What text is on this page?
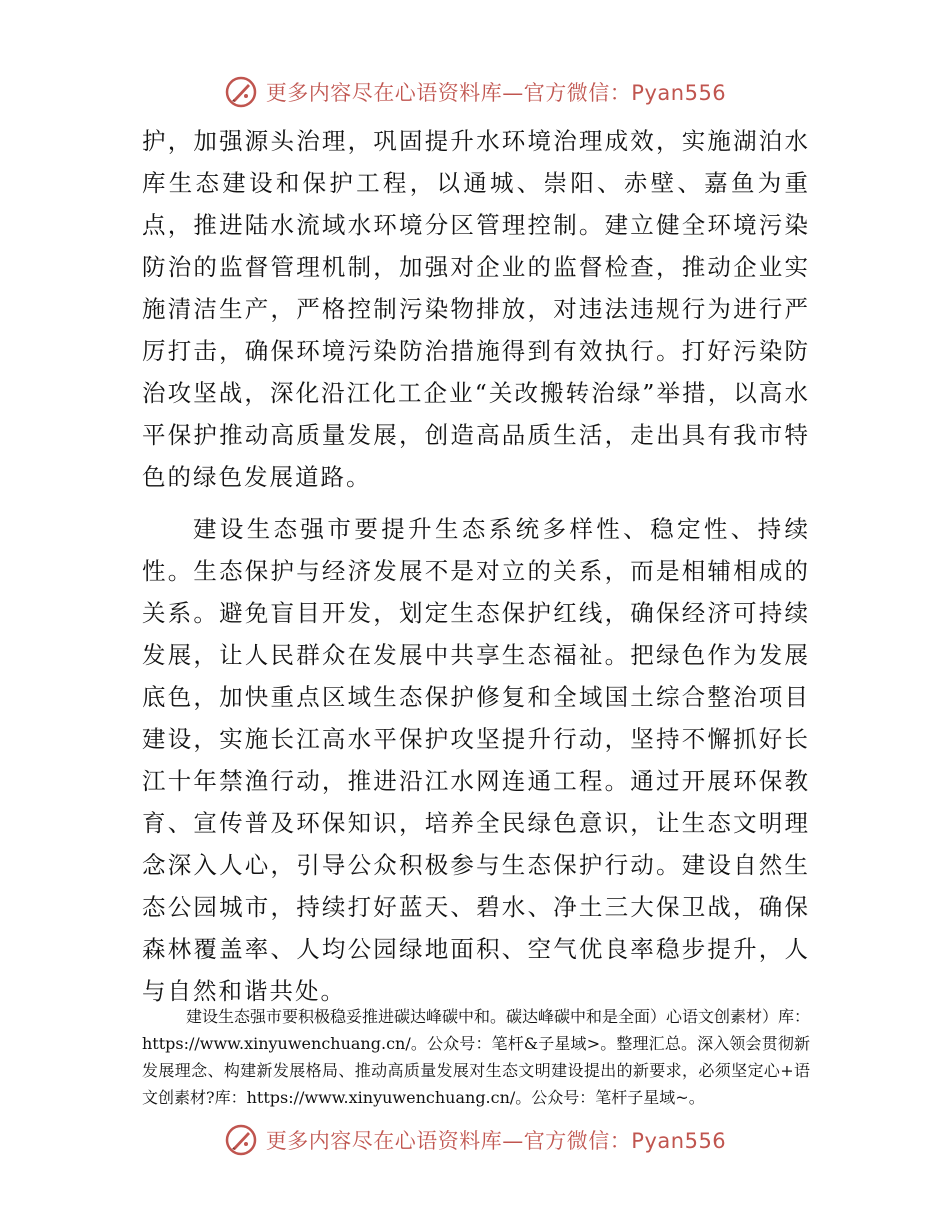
更多内容尽在心语资料库—官方微信：Pyan556

护，加强源头治理，巩固提升水环境治理成效，实施湖泊水库生态建设和保护工程，以通城、崇阳、赤壁、嘉鱼为重点，推进陆水流域水环境分区管理控制。建立健全环境污染防治的监督管理机制，加强对企业的监督检查，推动企业实施清洁生产，严格控制污染物排放，对违法违规行为进行严厉打击，确保环境污染防治措施得到有效执行。打好污染防治攻坚战，深化沿江化工企业“关改搬转治绿”举措，以高水平保护推动高质量发展，创造高品质生活，走出具有我市特色的绿色发展道路。

建设生态强市要提升生态系统多样性、稳定性、持续性。生态保护与经济发展不是对立的关系，而是相辅相成的关系。避免盲目开发，划定生态保护红线，确保经济可持续发展，让人民群众在发展中共享生态福祉。把绿色作为发展底色，加快重点区域生态保护修复和全域国土综合整治项目建设，实施长江高水平保护攻坚提升行动，坚持不懈抓好长江十年禁渔行动，推进沿江水网连通工程。通过开展环保教育、宣传普及环保知识，培养全民绿色意识，让生态文明理念深入人心，引导公众积极参与生态保护行动。建设自然生态公园城市，持续打好蓝天、碧水、净土三大保卫战，确保森林覆盖率、人均公园绿地面积、空气优良率稳步提升，人与自然和谐共处。

建设生态强市要积极稳妥推进碳达峰碳中和。碳达峰碳中和是全面）心语文创素材）库：https://www.xinyuwenchuang.cn/。公众号：笔杆&子星域>。整理汇总。深入领会贯彻新发展理念、构建新发展格局、推动高质量发展对生态文明建设提出的新要求，必须坚定心+语文创素材?库：https://www.xinyuwenchuang.cn/。公众号：笔杆子星域~。

更多内容尽在心语资料库—官方微信：Pyan556
